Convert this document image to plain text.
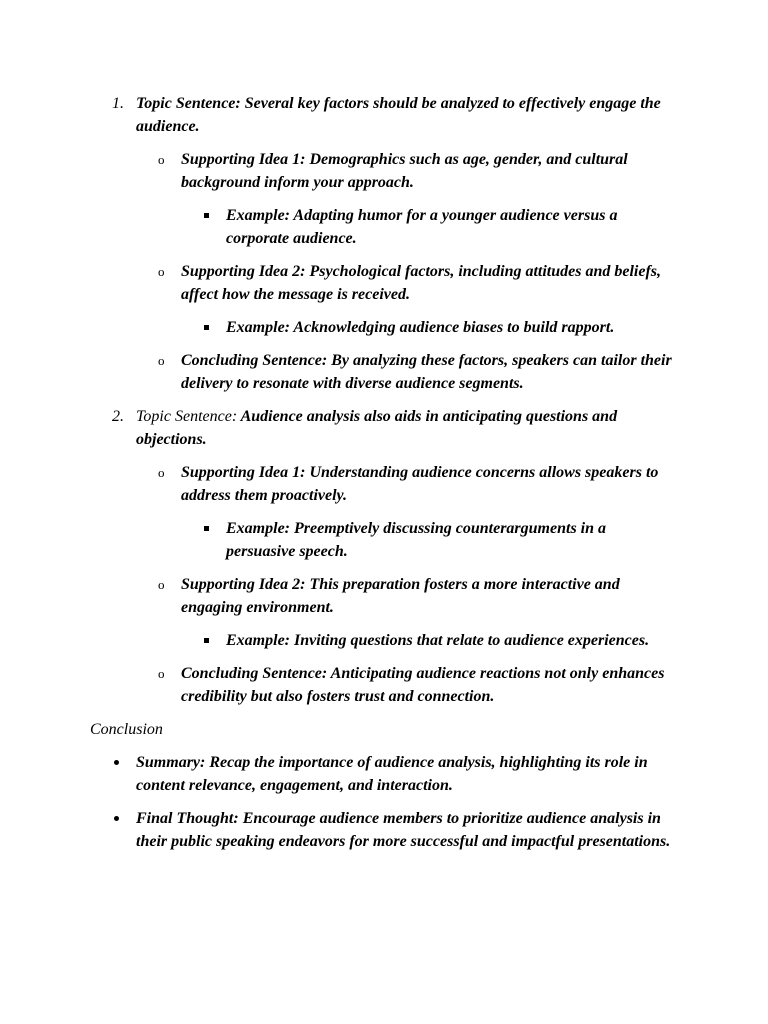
1. Topic Sentence: Several key factors should be analyzed to effectively engage the audience.
o Supporting Idea 1: Demographics such as age, gender, and cultural background inform your approach.
Example: Adapting humor for a younger audience versus a corporate audience.
o Supporting Idea 2: Psychological factors, including attitudes and beliefs, affect how the message is received.
Example: Acknowledging audience biases to build rapport.
o Concluding Sentence: By analyzing these factors, speakers can tailor their delivery to resonate with diverse audience segments.
2. Topic Sentence: Audience analysis also aids in anticipating questions and objections.
o Supporting Idea 1: Understanding audience concerns allows speakers to address them proactively.
Example: Preemptively discussing counterarguments in a persuasive speech.
o Supporting Idea 2: This preparation fosters a more interactive and engaging environment.
Example: Inviting questions that relate to audience experiences.
o Concluding Sentence: Anticipating audience reactions not only enhances credibility but also fosters trust and connection.
Conclusion
Summary: Recap the importance of audience analysis, highlighting its role in content relevance, engagement, and interaction.
Final Thought: Encourage audience members to prioritize audience analysis in their public speaking endeavors for more successful and impactful presentations.
